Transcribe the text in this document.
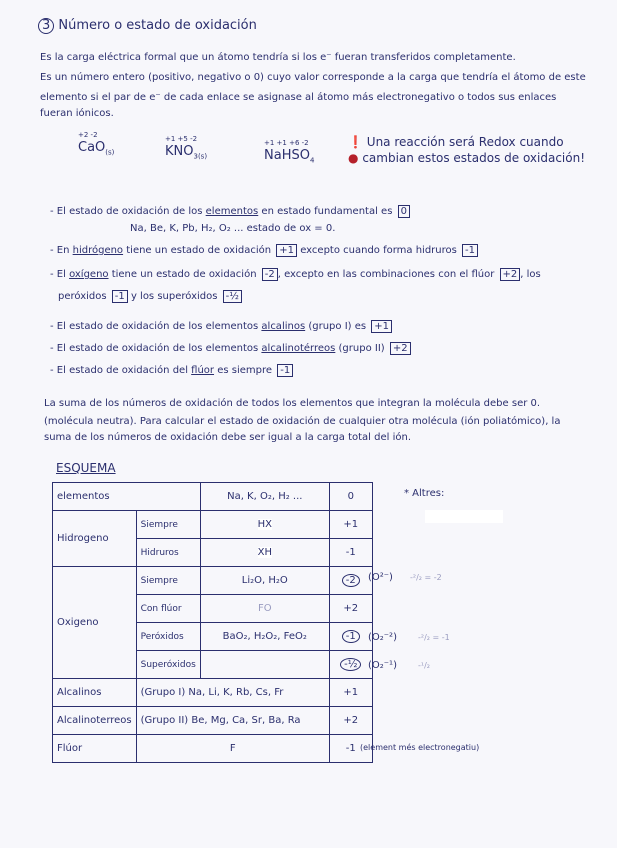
3 Número o estado de oxidación
Es la carga eléctrica formal que un átomo tendría si los e⁻ fueran transferidos completamente.
Es un número entero (positivo, negativo o 0) cuyo valor corresponde a la carga que tendría el átomo de este
elemento si el par de e⁻ de cada enlace se asignase al átomo más electronegativo o todos sus enlaces
fueran iónicos.
+2 -2
CaO$_{(s)}$
+1 +5 -2
$KNO_{3(s)}$
+1 +1 +6 -2
NaHSO$_4$
❗ Una reacción será Redox cuando
● cambian estos estados de oxidación!
- El estado de oxidación de los elementos en estado fundamental es 0
Na, Be, K, Pb, H₂, O₂ ... estado de ox = 0.
- En hidrógeno tiene un estado de oxidación +1 excepto cuando forma hidruros -1
- El oxígeno tiene un estado de oxidación -2 , excepto en las combinaciones con el flúor +2 , los
peróxidos -1 y los superóxidos -½
- El estado de oxidación de los elementos alcalinos (grupo I) es +1
- El estado de oxidación de los elementos alcalinotérreos (grupo II) +2
- El estado de oxidación del flúor es siempre -1
La suma de los números de oxidación de todos los elementos que integran la molécula debe ser 0.
(molécula neutra). Para calcular el estado de oxidación de cualquier otra molécula (ión poliatómico), la
suma de los números de oxidación debe ser igual a la carga total del ión.
ESQUEMA
elementos		Na, K, O₂, H₂ ...	0
Hidrogeno	Siempre	HX	+1
	Hidruros	XH	-1
Oxigeno	Siempre	Li₂O, H₂O	-2
	Con flúor	FO	+2
	Peróxidos	BaO₂, H₂O₂, FeO₂	-1
	Superóxidos		-½
Alcalinos	(Grupo I) Na, Li, K, Rb, Cs, Fr		+1
Alcalinoterreos	(Grupo II) Be, Mg, Ca, Sr, Ba, Ra		+2
Flúor	F		-1
* Altres:
(O²⁻) -²/₂ = -2
(O₂⁻²)	-²/₂ = -1
(O₂⁻¹)	-¹/₂
(element més electronegatiu)
